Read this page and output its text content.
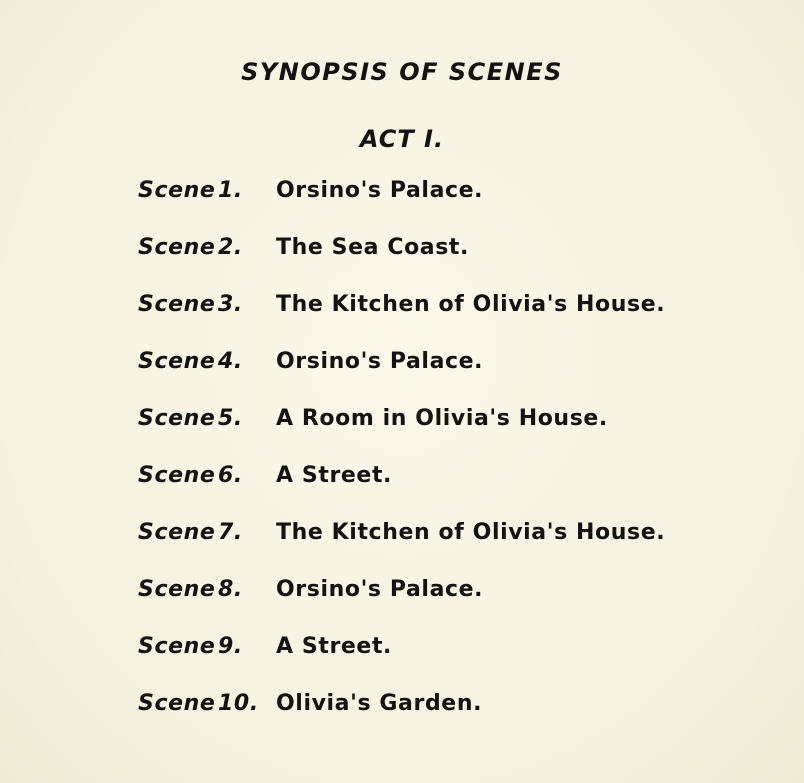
SYNOPSIS OF SCENES
ACT I.
Scene 1.	Orsino's Palace.
Scene 2.	The Sea Coast.
Scene 3.	The Kitchen of Olivia's House.
Scene 4.	Orsino's Palace.
Scene 5.	A Room in Olivia's House.
Scene 6.	A Street.
Scene 7.	The Kitchen of Olivia's House.
Scene 8.	Orsino's Palace.
Scene 9.	A Street.
Scene 10. Olivia's Garden.
